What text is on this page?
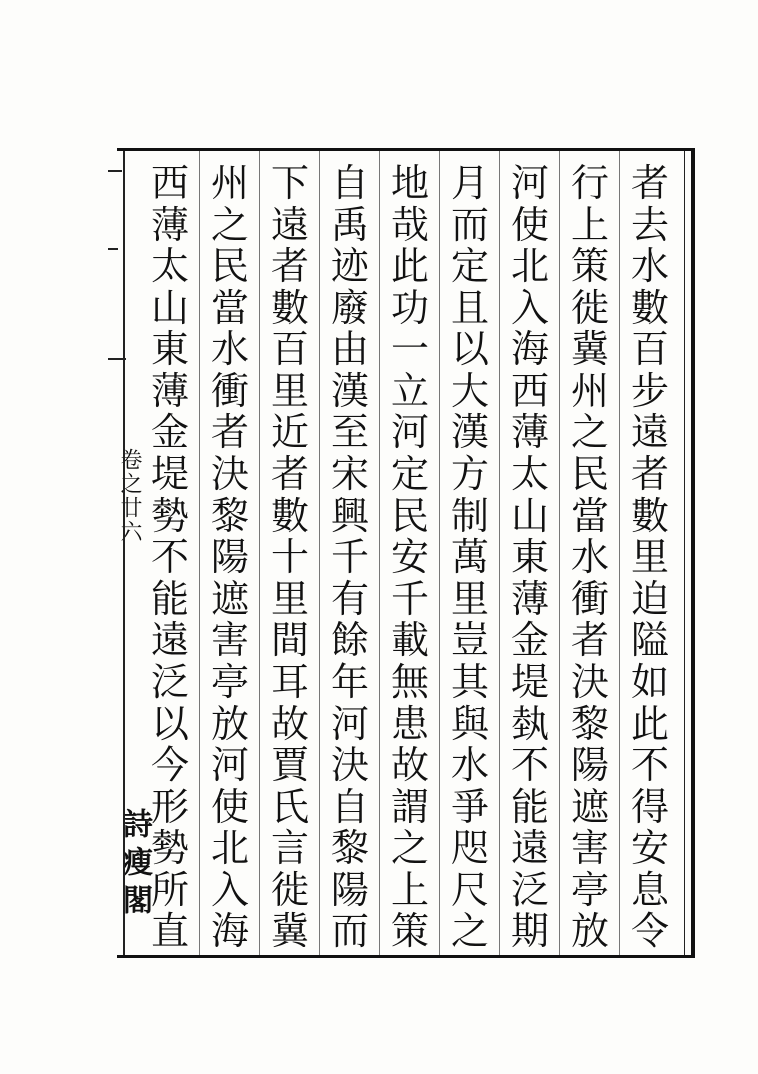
卷之廿六
詩瘦閣
者
去
水
數
百
步
遠
者
數
里
迫
隘
如
此
不
得
安
息
令
行
上
策
徙
冀
州
之
民
當
水
衝
者
決
黎
陽
遮
害
亭
放
河
使
北
入
海
西
薄
太
山
東
薄
金
堤
埶
不
能
遠
泛
期
月
而
定
且
以
大
漢
方
制
萬
里
豈
其
與
水
爭
咫
尺
之
地
哉
此
功
一
立
河
定
民
安
千
載
無
患
故
謂
之
上
策
自
禹
迹
廢
由
漢
至
宋
興
千
有
餘
年
河
決
自
黎
陽
而
下
遠
者
數
百
里
近
者
數
十
里
間
耳
故
賈
氏
言
徙
冀
州
之
民
當
水
衝
者
決
黎
陽
遮
害
亭
放
河
使
北
入
海
西
薄
太
山
東
薄
金
堤
勢
不
能
遠
泛
以
今
形
勢
所
直
